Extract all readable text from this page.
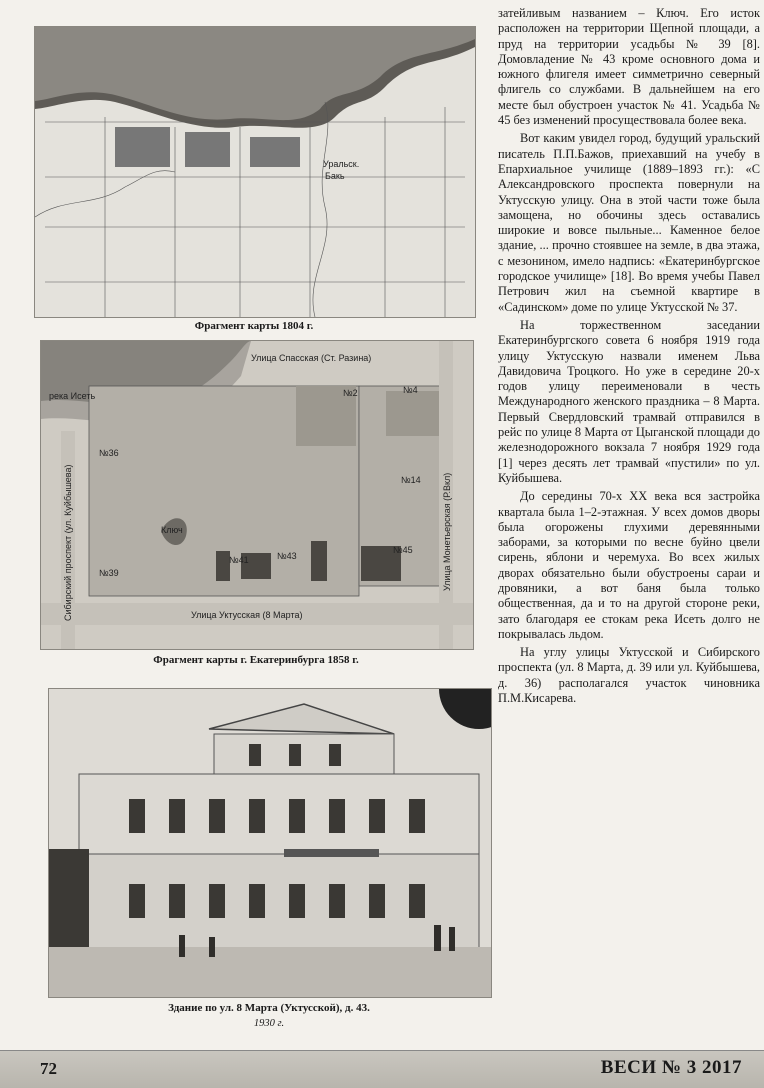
Уральск.
Бакь
Фрагмент карты 1804 г.
Улица Спасская (Ст. Разина)
река Исеть
№36
№2	№4
№14
Ключ
№41	№43
№45
№39
Улица Уктусская (8 Марта)
Сибирский проспект (ул. Куйбышева)	Улица Монетьерская (Р.Вкл)
Фрагмент карты г. Екатеринбурга 1858 г.
Здание по ул. 8 Марта (Уктусской), д. 43.
1930 г.

затейливым названием – Ключ. Его исток расположен на территории Щепной площади, а пруд на территории усадьбы № 39 [8]. Домовладение № 43 кроме основного дома и южного флигеля имеет симметрично северный флигель со службами. В дальнейшем на его месте был обустроен участок № 41. Усадьба № 45 без изменений просуществовала более века.

Вот каким увидел город, будущий уральский писатель П.П.Бажов, приехавший на учебу в Епархиальное училище (1889–1893 гг.): «С Александровского проспекта повернули на Уктусскую улицу. Она в этой части тоже была замощена, но обочины здесь оставались широкие и вовсе пыльные... Каменное белое здание, ... прочно стоявшее на земле, в два этажа, с мезонином, имело надпись: «Екатеринбургское городское училище» [18]. Во время учебы Павел Петрович жил на съемной квартире в «Садинском» доме по улице Уктусской № 37.

На торжественном заседании Екатеринбургского совета 6 ноября 1919 года улицу Уктусскую назвали именем Льва Давидовича Троцкого. Но уже в середине 20-х годов улицу переименовали в честь Международного женского праздника – 8 Марта. Первый Свердловский трамвай отправился в рейс по улице 8 Марта от Цыганской площади до железнодорожного вокзала 7 ноября 1929 года [1] через десять лет трамвай «пустили» по ул. Куйбышева.

До середины 70-х XX века вся застройка квартала была 1–2-этажная. У всех домов дворы была огорожены глухими деревянными заборами, за которыми по весне буйно цвели сирень, яблони и черемуха. Во всех жилых дворах обязательно были обустроены сараи и дровяники, а вот баня была только общественная, да и то на другой стороне реки, зато благодаря ее стокам река Исеть долго не покрывалась льдом.

На углу улицы Уктусской и Сибирского проспекта (ул. 8 Марта, д. 39 или ул. Куйбышева, д. 36) располагался участок чиновника П.М.Кисарева.

72	ВЕСИ № 3 2017
